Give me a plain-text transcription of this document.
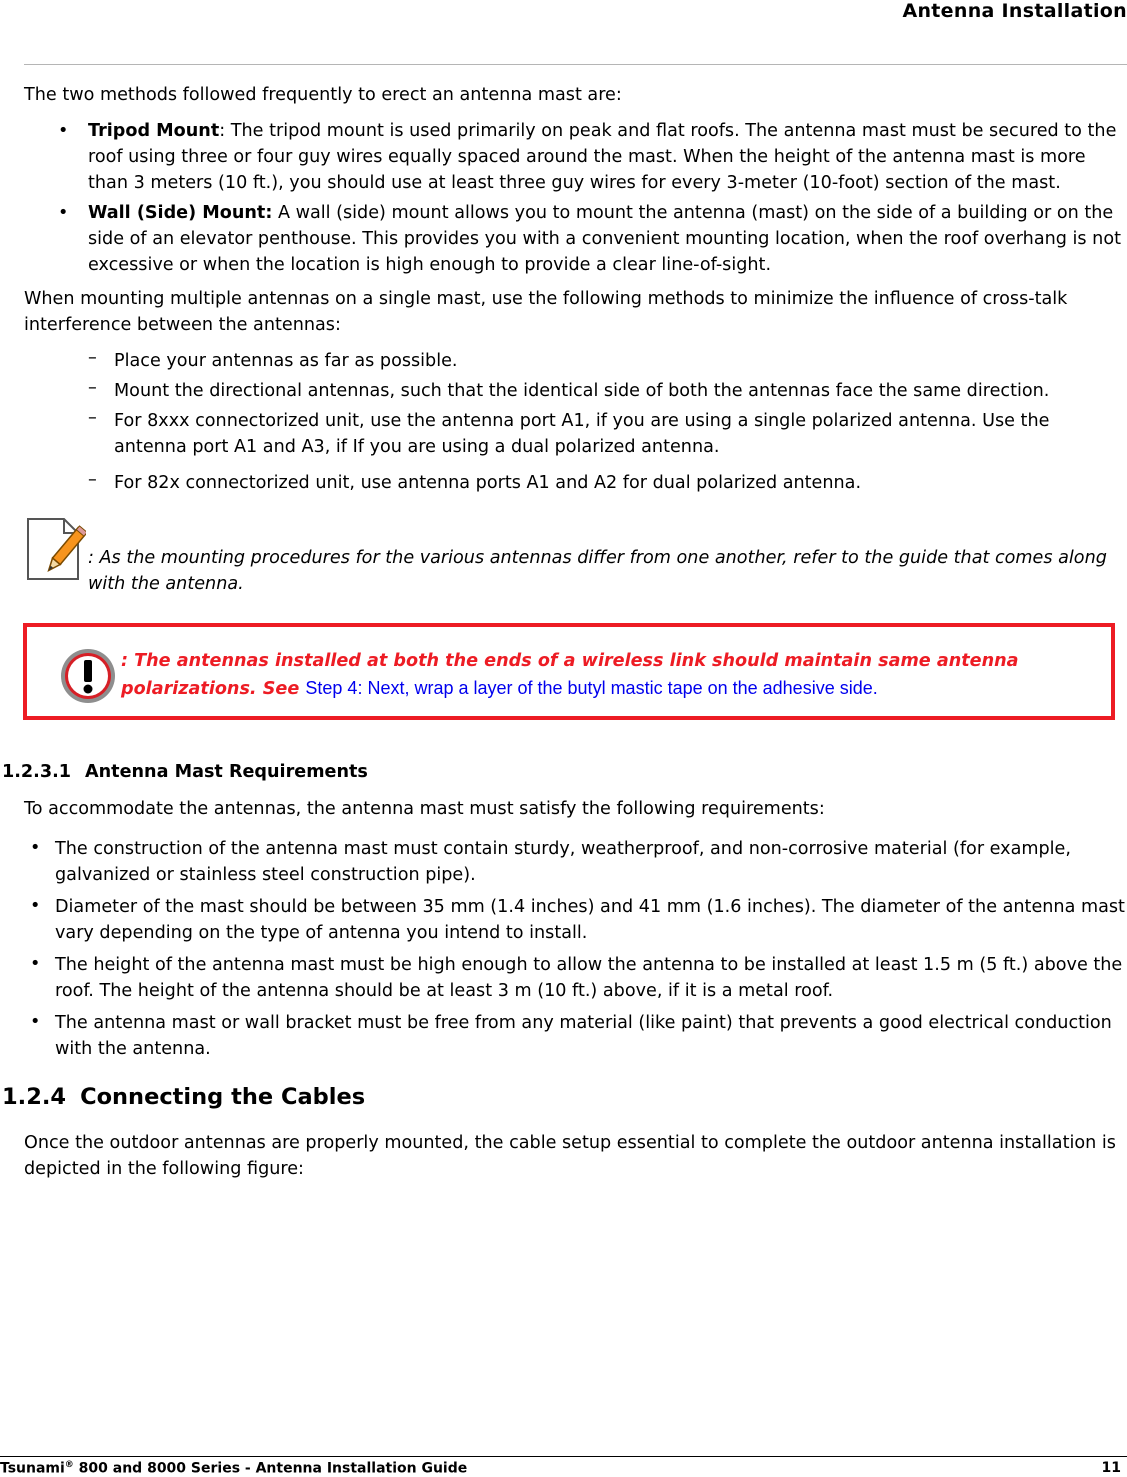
Antenna Installation
The two methods followed frequently to erect an antenna mast are:
• Tripod Mount: The tripod mount is used primarily on peak and flat roofs. The antenna mast must be secured to the roof using three or four guy wires equally spaced around the mast. When the height of the antenna mast is more than 3 meters (10 ft.), you should use at least three guy wires for every 3-meter (10-foot) section of the mast.
• Wall (Side) Mount: A wall (side) mount allows you to mount the antenna (mast) on the side of a building or on the side of an elevator penthouse. This provides you with a convenient mounting location, when the roof overhang is not excessive or when the location is high enough to provide a clear line-of-sight.
When mounting multiple antennas on a single mast, use the following methods to minimize the influence of cross-talk interference between the antennas:
– Place your antennas as far as possible.
– Mount the directional antennas, such that the identical side of both the antennas face the same direction.
– For 8xxx connectorized unit, use the antenna port A1, if you are using a single polarized antenna. Use the antenna port A1 and A3, if If you are using a dual polarized antenna.
– For 82x connectorized unit, use antenna ports A1 and A2 for dual polarized antenna.
: As the mounting procedures for the various antennas differ from one another, refer to the guide that comes along with the antenna.
: The antennas installed at both the ends of a wireless link should maintain same antenna polarizations. See Step 4: Next, wrap a layer of the butyl mastic tape on the adhesive side.
1.2.3.1 Antenna Mast Requirements
To accommodate the antennas, the antenna mast must satisfy the following requirements:
• The construction of the antenna mast must contain sturdy, weatherproof, and non-corrosive material (for example, galvanized or stainless steel construction pipe).
• Diameter of the mast should be between 35 mm (1.4 inches) and 41 mm (1.6 inches). The diameter of the antenna mast vary depending on the type of antenna you intend to install.
• The height of the antenna mast must be high enough to allow the antenna to be installed at least 1.5 m (5 ft.) above the roof. The height of the antenna should be at least 3 m (10 ft.) above, if it is a metal roof.
• The antenna mast or wall bracket must be free from any material (like paint) that prevents a good electrical conduction with the antenna.
1.2.4 Connecting the Cables
Once the outdoor antennas are properly mounted, the cable setup essential to complete the outdoor antenna installation is depicted in the following figure:
Tsunami® 800 and 8000 Series - Antenna Installation Guide	11
